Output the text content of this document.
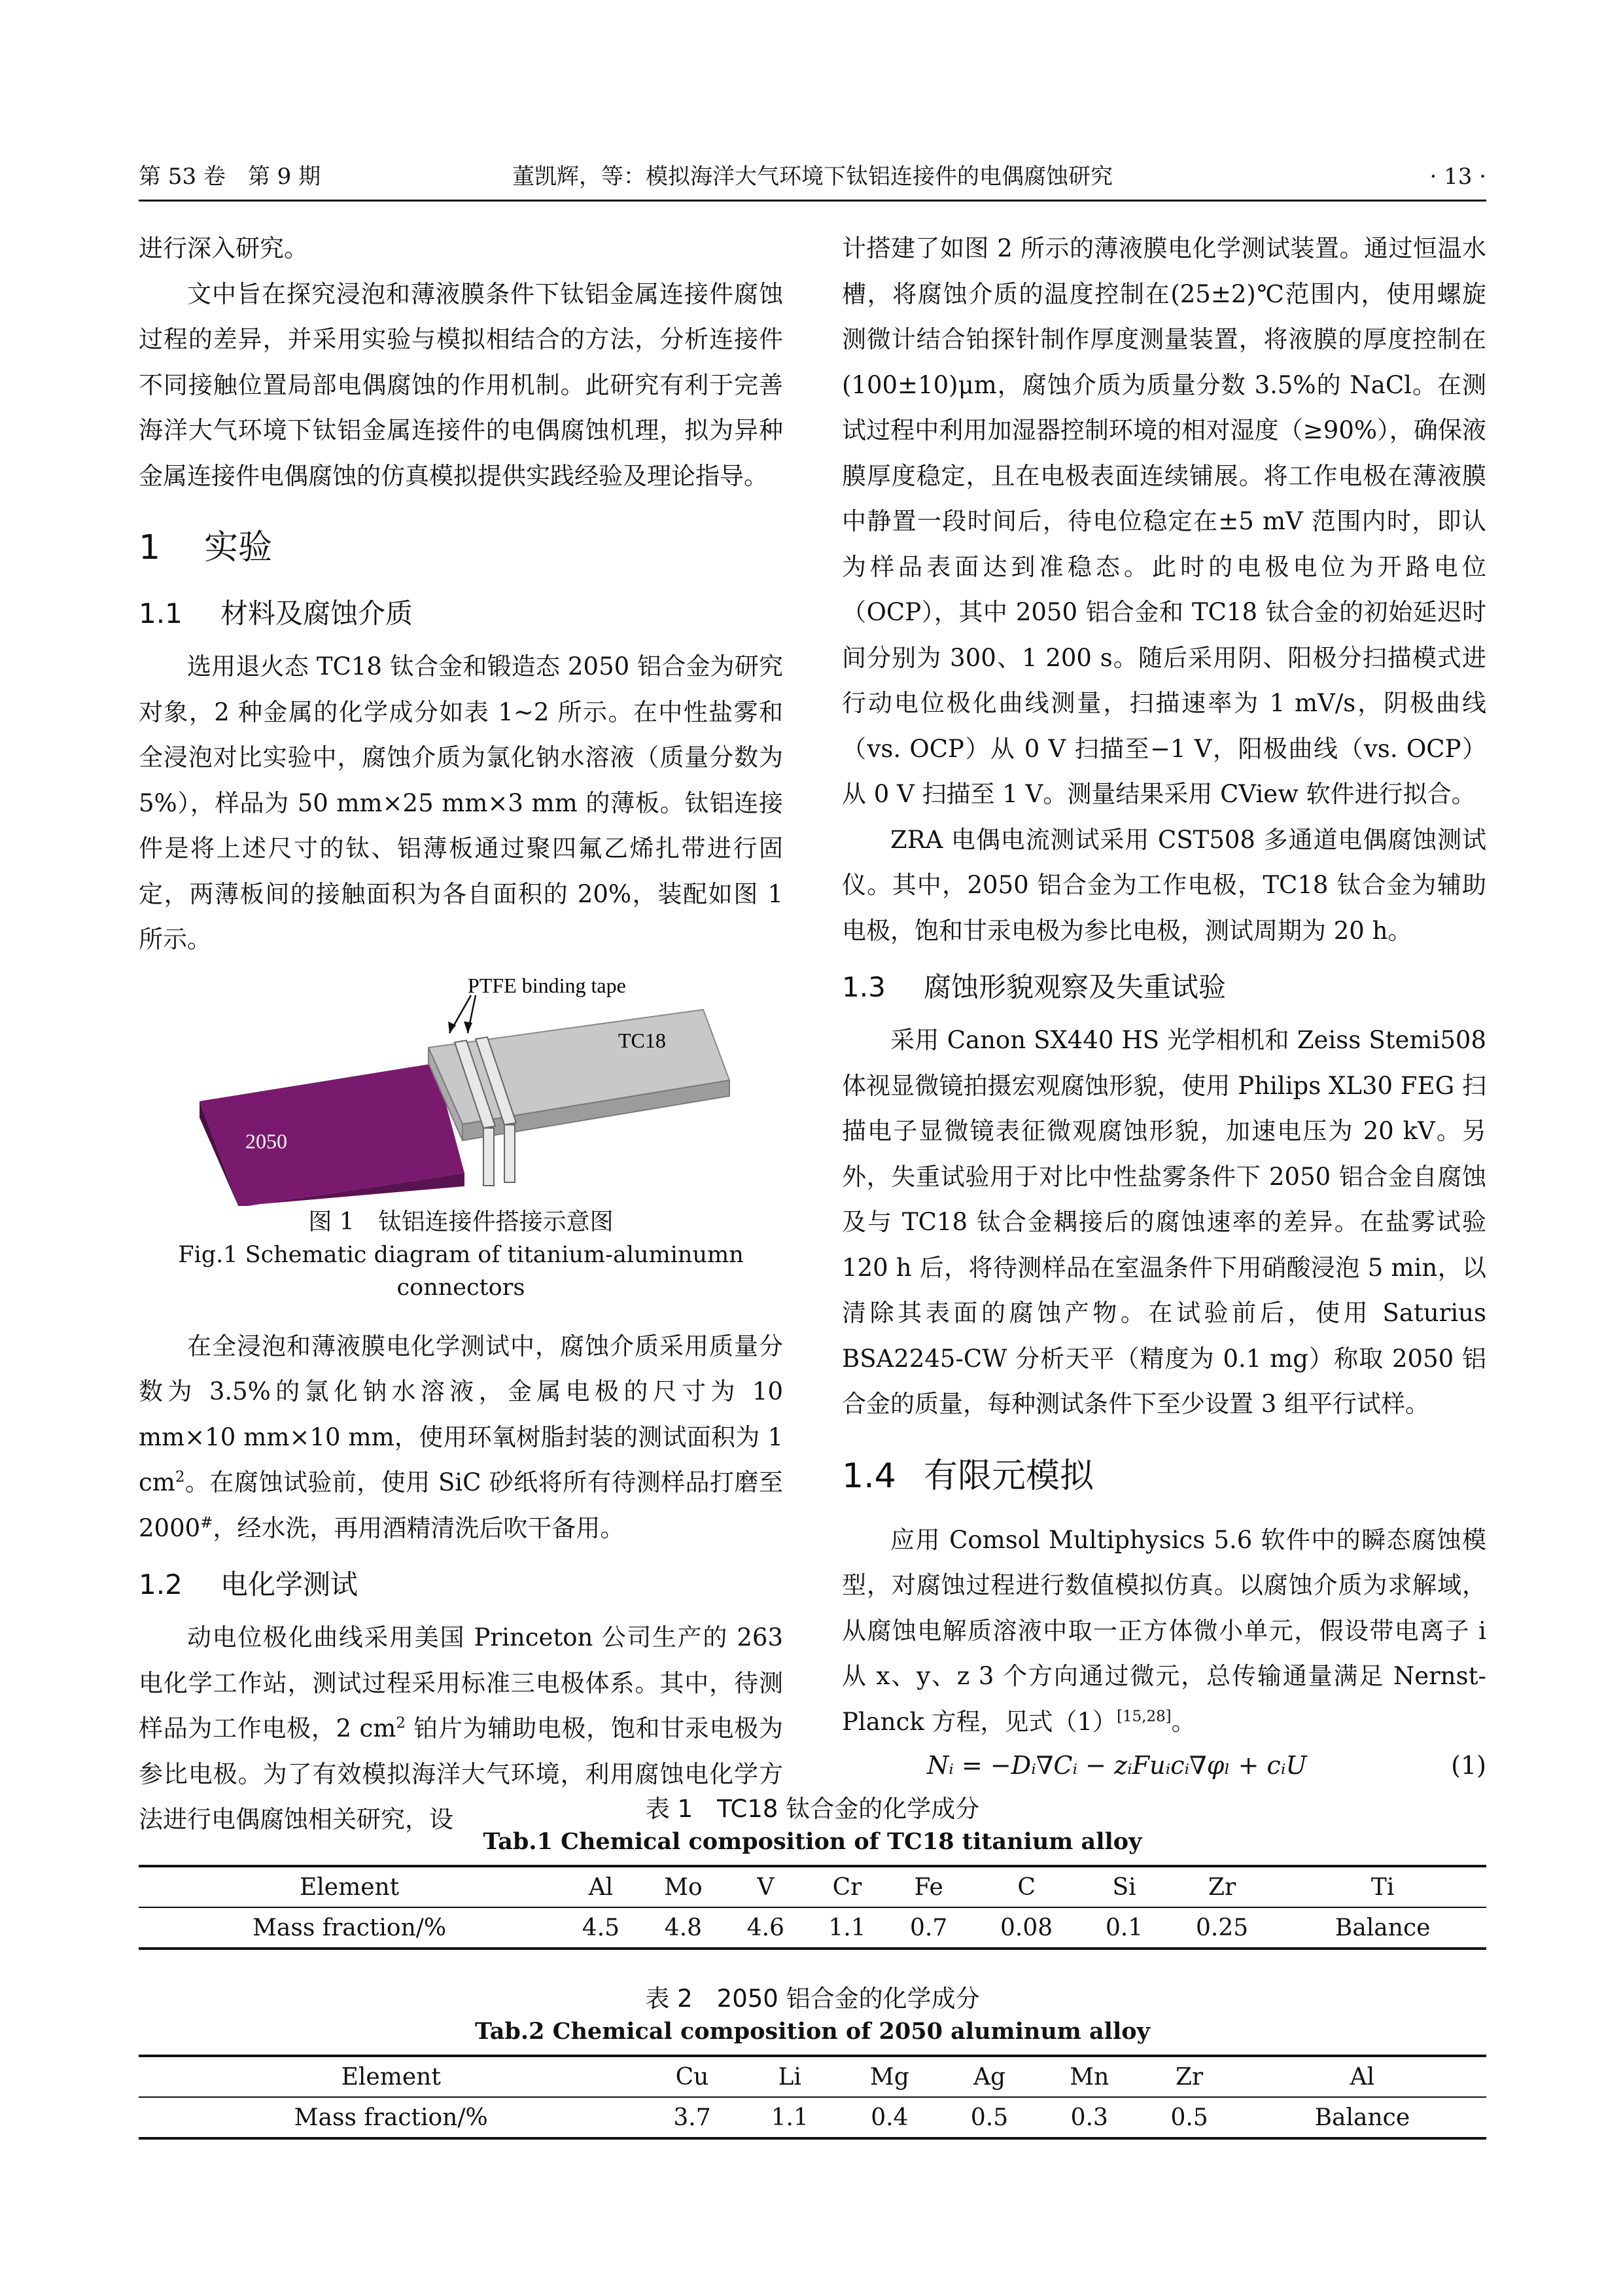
第 53 卷　第 9 期	董凯辉，等：模拟海洋大气环境下钛铝连接件的电偶腐蚀研究	· 13 ·

进行深入研究。

文中旨在探究浸泡和薄液膜条件下钛铝金属连接件腐蚀过程的差异，并采用实验与模拟相结合的方法，分析连接件不同接触位置局部电偶腐蚀的作用机制。此研究有利于完善海洋大气环境下钛铝金属连接件的电偶腐蚀机理，拟为异种金属连接件电偶腐蚀的仿真模拟提供实践经验及理论指导。

1 实验
1.1 材料及腐蚀介质

选用退火态 TC18 钛合金和锻造态 2050 铝合金为研究对象，2 种金属的化学成分如表 1~2 所示。在中性盐雾和全浸泡对比实验中，腐蚀介质为氯化钠水溶液（质量分数为 5%），样品为 50 mm×25 mm×3 mm 的薄板。钛铝连接件是将上述尺寸的钛、铝薄板通过聚四氟乙烯扎带进行固定，两薄板间的接触面积为各自面积的 20%，装配如图 1 所示。

PTFE binding tape
TC18
2050
图 1　钛铝连接件搭接示意图
Fig.1 Schematic diagram of titanium-aluminumn connectors

在全浸泡和薄液膜电化学测试中，腐蚀介质采用质量分数为 3.5%的氯化钠水溶液，金属电极的尺寸为 10 mm×10 mm×10 mm，使用环氧树脂封装的测试面积为 1 $cm^2$。在腐蚀试验前，使用 SiC 砂纸将所有待测样品打磨至 2000#，经水洗，再用酒精清洗后吹干备用。

1.2 电化学测试

动电位极化曲线采用美国 Princeton 公司生产的 263 电化学工作站，测试过程采用标准三电极体系。其中，待测样品为工作电极，2 $cm^2$ 铂片为辅助电极，饱和甘汞电极为参比电极。为了有效模拟海洋大气环境，利用腐蚀电化学方法进行电偶腐蚀相关研究，设

计搭建了如图 2 所示的薄液膜电化学测试装置。通过恒温水槽，将腐蚀介质的温度控制在(25±2)℃范围内，使用螺旋测微计结合铂探针制作厚度测量装置，将液膜的厚度控制在(100±10)μm，腐蚀介质为质量分数 3.5%的 NaCl。在测试过程中利用加湿器控制环境的相对湿度（≥90%），确保液膜厚度稳定，且在电极表面连续铺展。将工作电极在薄液膜中静置一段时间后，待电位稳定在±5 mV 范围内时，即认为样品表面达到准稳态。此时的电极电位为开路电位（OCP），其中 2050 铝合金和 TC18 钛合金的初始延迟时间分别为 300、1 200 s。随后采用阴、阳极分扫描模式进行动电位极化曲线测量，扫描速率为 1 mV/s，阴极曲线（vs. OCP）从 0 V 扫描至−1 V，阳极曲线（vs. OCP）从 0 V 扫描至 1 V。测量结果采用 CView 软件进行拟合。

ZRA 电偶电流测试采用 CST508 多通道电偶腐蚀测试仪。其中，2050 铝合金为工作电极，TC18 钛合金为辅助电极，饱和甘汞电极为参比电极，测试周期为 20 h。

1.3 腐蚀形貌观察及失重试验

采用 Canon SX440 HS 光学相机和 Zeiss Stemi508 体视显微镜拍摄宏观腐蚀形貌，使用 Philips XL30 FEG 扫描电子显微镜表征微观腐蚀形貌，加速电压为 20 kV。另外，失重试验用于对比中性盐雾条件下 2050 铝合金自腐蚀及与 TC18 钛合金耦接后的腐蚀速率的差异。在盐雾试验 120 h 后，将待测样品在室温条件下用硝酸浸泡 5 min，以清除其表面的腐蚀产物。在试验前后，使用 Saturius BSA2245-CW 分析天平（精度为 0.1 mg）称取 2050 铝合金的质量，每种测试条件下至少设置 3 组平行试样。

1.4 有限元模拟

应用 Comsol Multiphysics 5.6 软件中的瞬态腐蚀模型，对腐蚀过程进行数值模拟仿真。以腐蚀介质为求解域，从腐蚀电解质溶液中取一正方体微小单元，假设带电离子 i 从 x、y、z 3 个方向通过微元，总传输通量满足 Nernst-Planck 方程，见式（1）[15,28]。

Nᵢ = −Dᵢ∇Cᵢ − zᵢFuᵢcᵢ∇φₗ + cᵢU	(1)
表 1　TC18 钛合金的化学成分
Tab.1 Chemical composition of TC18 titanium alloy
Element	Al	Mo	V	Cr	Fe	C	Si	Zr	Ti
Mass fraction/%	4.5	4.8	4.6	1.1	0.7	0.08	0.1	0.25	Balance
表 2　2050 铝合金的化学成分
Tab.2 Chemical composition of 2050 aluminum alloy
Element	Cu	Li	Mg	Ag	Mn	Zr	Al
Mass fraction/%	3.7	1.1	0.4	0.5	0.3	0.5	Balance
